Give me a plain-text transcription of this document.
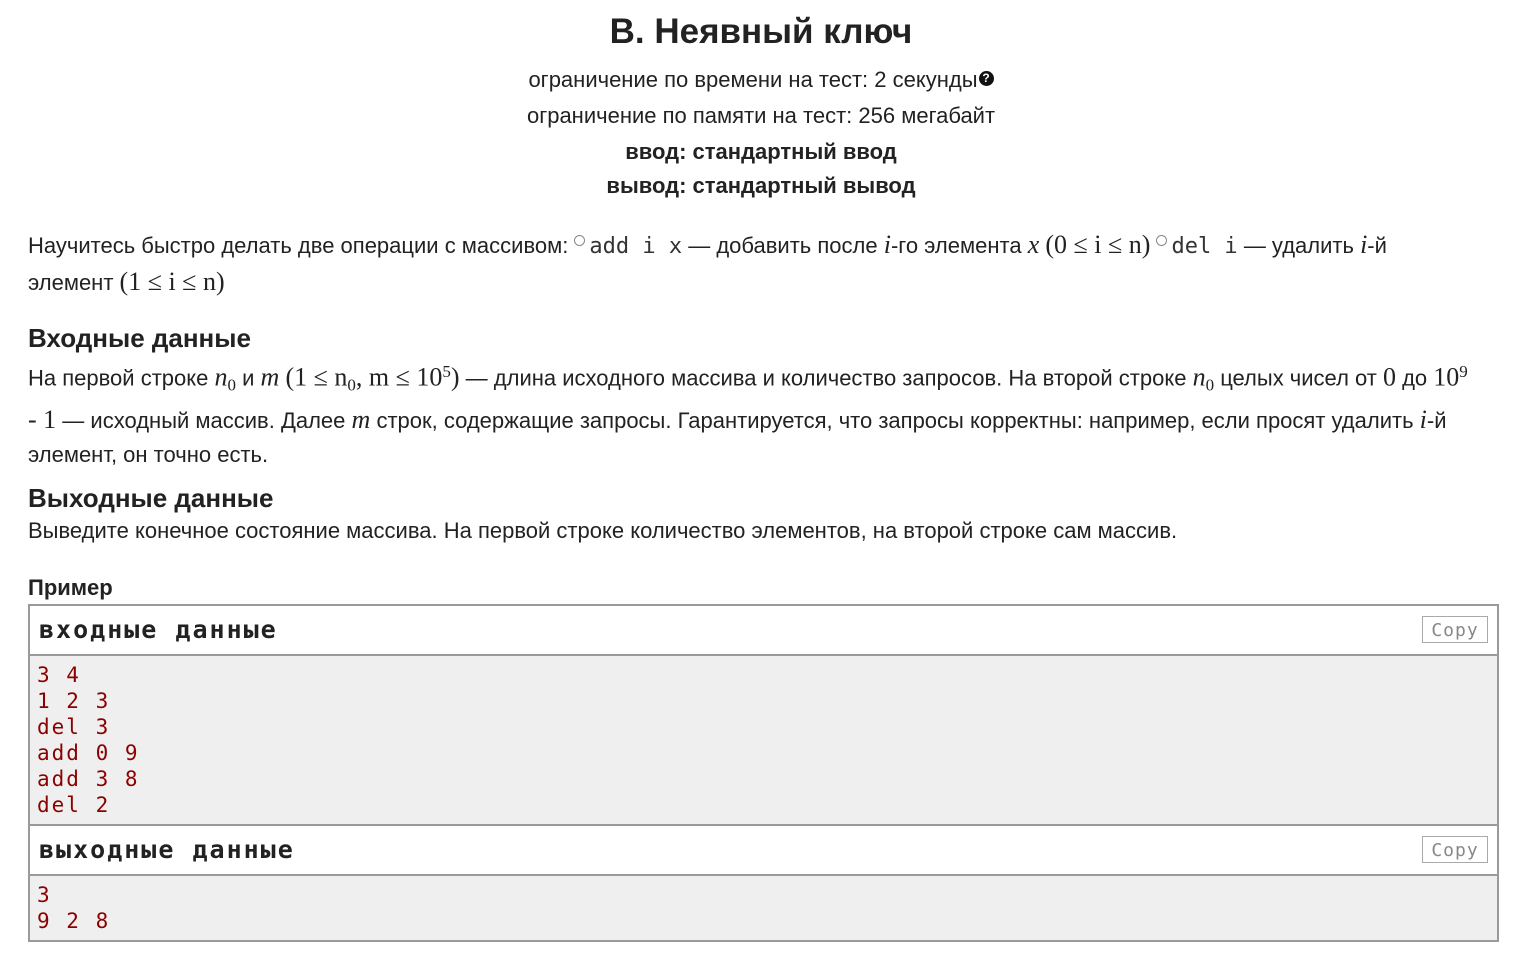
B. Неявный ключ
ограничение по времени на тест: 2 секунды ?
ограничение по памяти на тест: 256 мегабайт
ввод: стандартный ввод
вывод: стандартный вывод
Научитесь быстро делать две операции с массивом: add i x — добавить после i-го элемента x (0 ≤ i ≤ n) del i — удалить i-й элемент (1 ≤ i ≤ n)
Входные данные
На первой строке $n_0$ и m ($1 \le n_0$, $m \le 10^5$) — длина исходного массива и количество запросов. На второй строке $n_0$ целых чисел от 0 до $10^9 - 1$ — исходный массив. Далее m строк, содержащие запросы. Гарантируется, что запросы корректны: например, если просят удалить i-й элемент, он точно есть.
Выходные данные
Выведите конечное состояние массива. На первой строке количество элементов, на второй строке сам массив.
Пример
входные данные	Copy
3 4
1 2 3
del 3
add 0 9
add 3 8
del 2
выходные данные	Copy
3
9 2 8
